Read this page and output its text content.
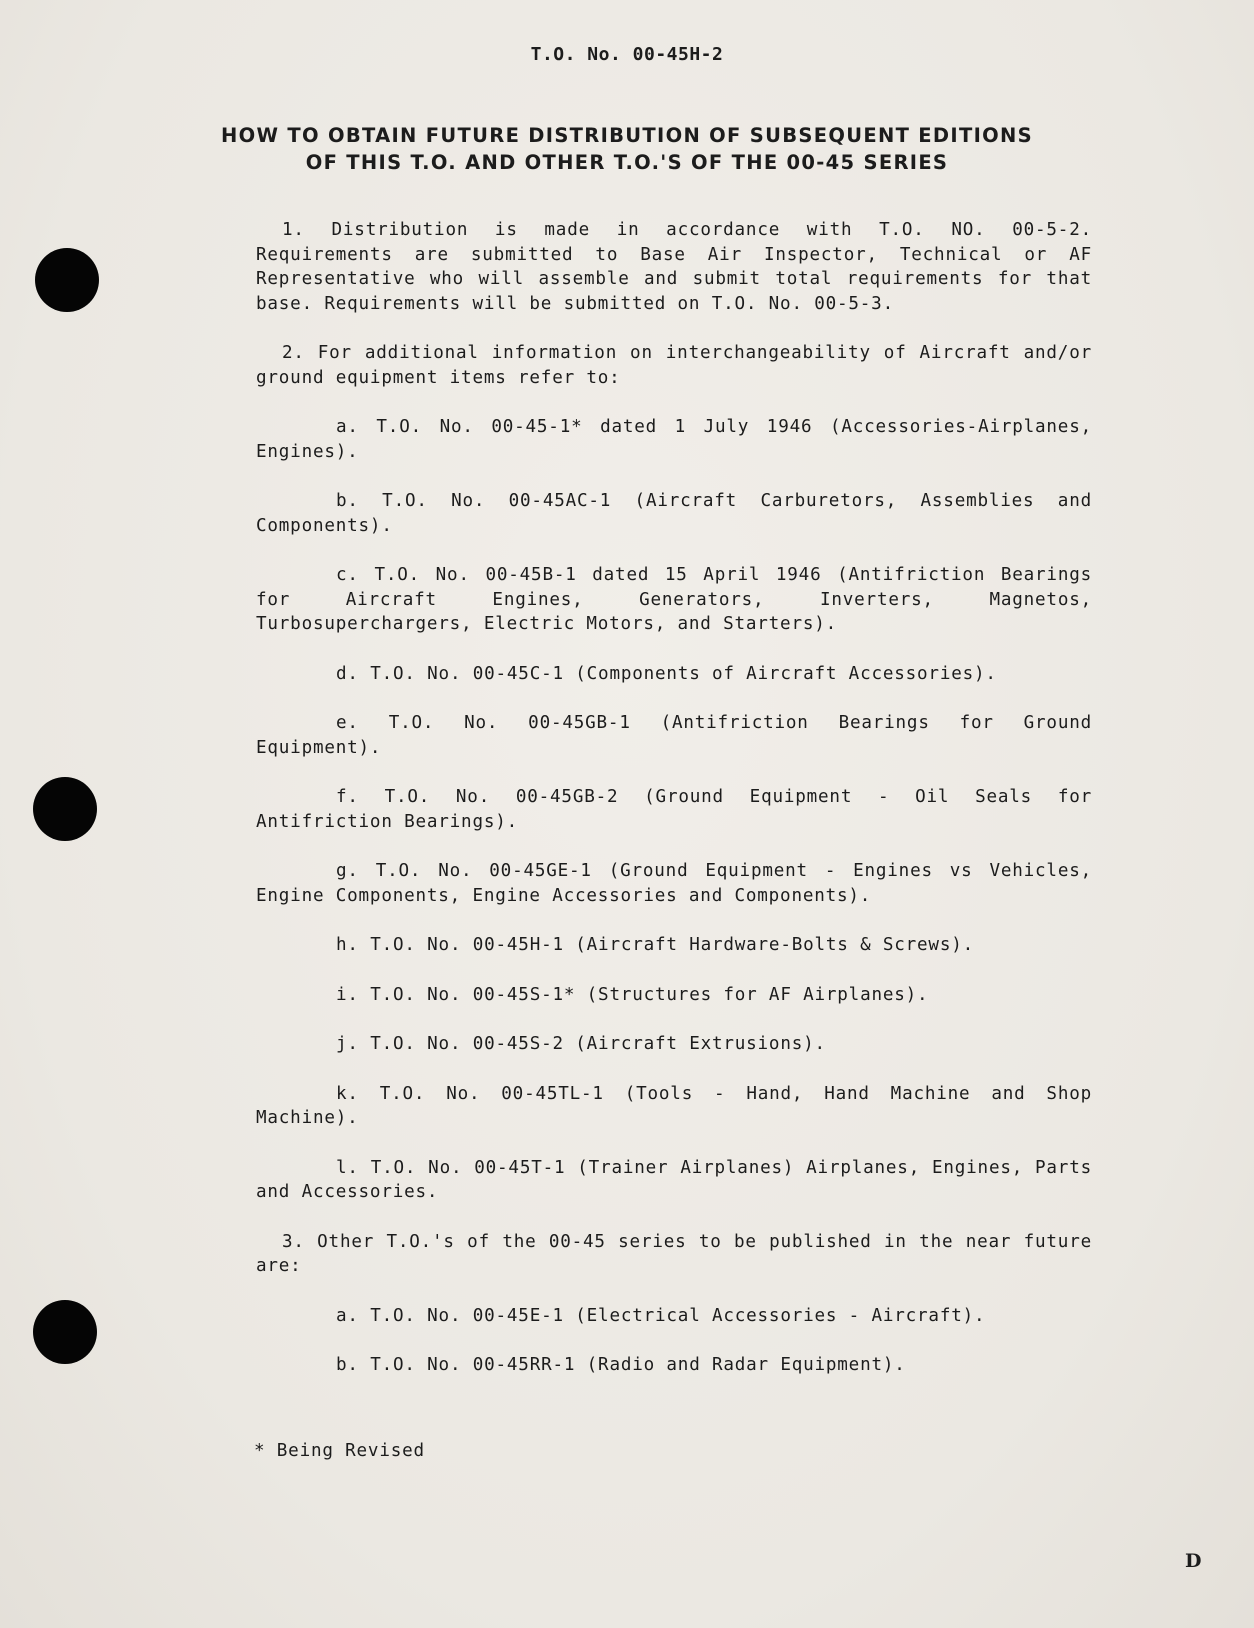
T.O. No. 00-45H-2
HOW TO OBTAIN FUTURE DISTRIBUTION OF SUBSEQUENT EDITIONS
OF THIS T.O. AND OTHER T.O.'S OF THE 00-45 SERIES

1. Distribution is made in accordance with T.O. NO. 00-5-2. Requirements are submitted to Base Air Inspector, Technical or AF Representative who will assemble and submit total requirements for that base. Requirements will be submitted on T.O. No. 00-5-3.

2. For additional information on interchangeability of Aircraft and/or ground equipment items refer to:

a. T.O. No. 00-45-1* dated 1 July 1946 (Accessories-Airplanes, Engines).

b. T.O. No. 00-45AC-1 (Aircraft Carburetors, Assemblies and Components).

c. T.O. No. 00-45B-1 dated 15 April 1946 (Antifriction Bearings for Aircraft Engines, Generators, Inverters, Magnetos, Turbosuperchargers, Electric Motors, and Starters).

d. T.O. No. 00-45C-1 (Components of Aircraft Accessories).

e. T.O. No. 00-45GB-1 (Antifriction Bearings for Ground Equipment).

f. T.O. No. 00-45GB-2 (Ground Equipment - Oil Seals for Antifriction Bearings).

g. T.O. No. 00-45GE-1 (Ground Equipment - Engines vs Vehicles, Engine Components, Engine Accessories and Components).

h. T.O. No. 00-45H-1 (Aircraft Hardware-Bolts & Screws).

i. T.O. No. 00-45S-1* (Structures for AF Airplanes).

j. T.O. No. 00-45S-2 (Aircraft Extrusions).

k. T.O. No. 00-45TL-1 (Tools - Hand, Hand Machine and Shop Machine).

l. T.O. No. 00-45T-1 (Trainer Airplanes) Airplanes, Engines, Parts and Accessories.

3. Other T.O.'s of the 00-45 series to be published in the near future are:

a. T.O. No. 00-45E-1 (Electrical Accessories - Aircraft).

b. T.O. No. 00-45RR-1 (Radio and Radar Equipment).

* Being Revised
D
